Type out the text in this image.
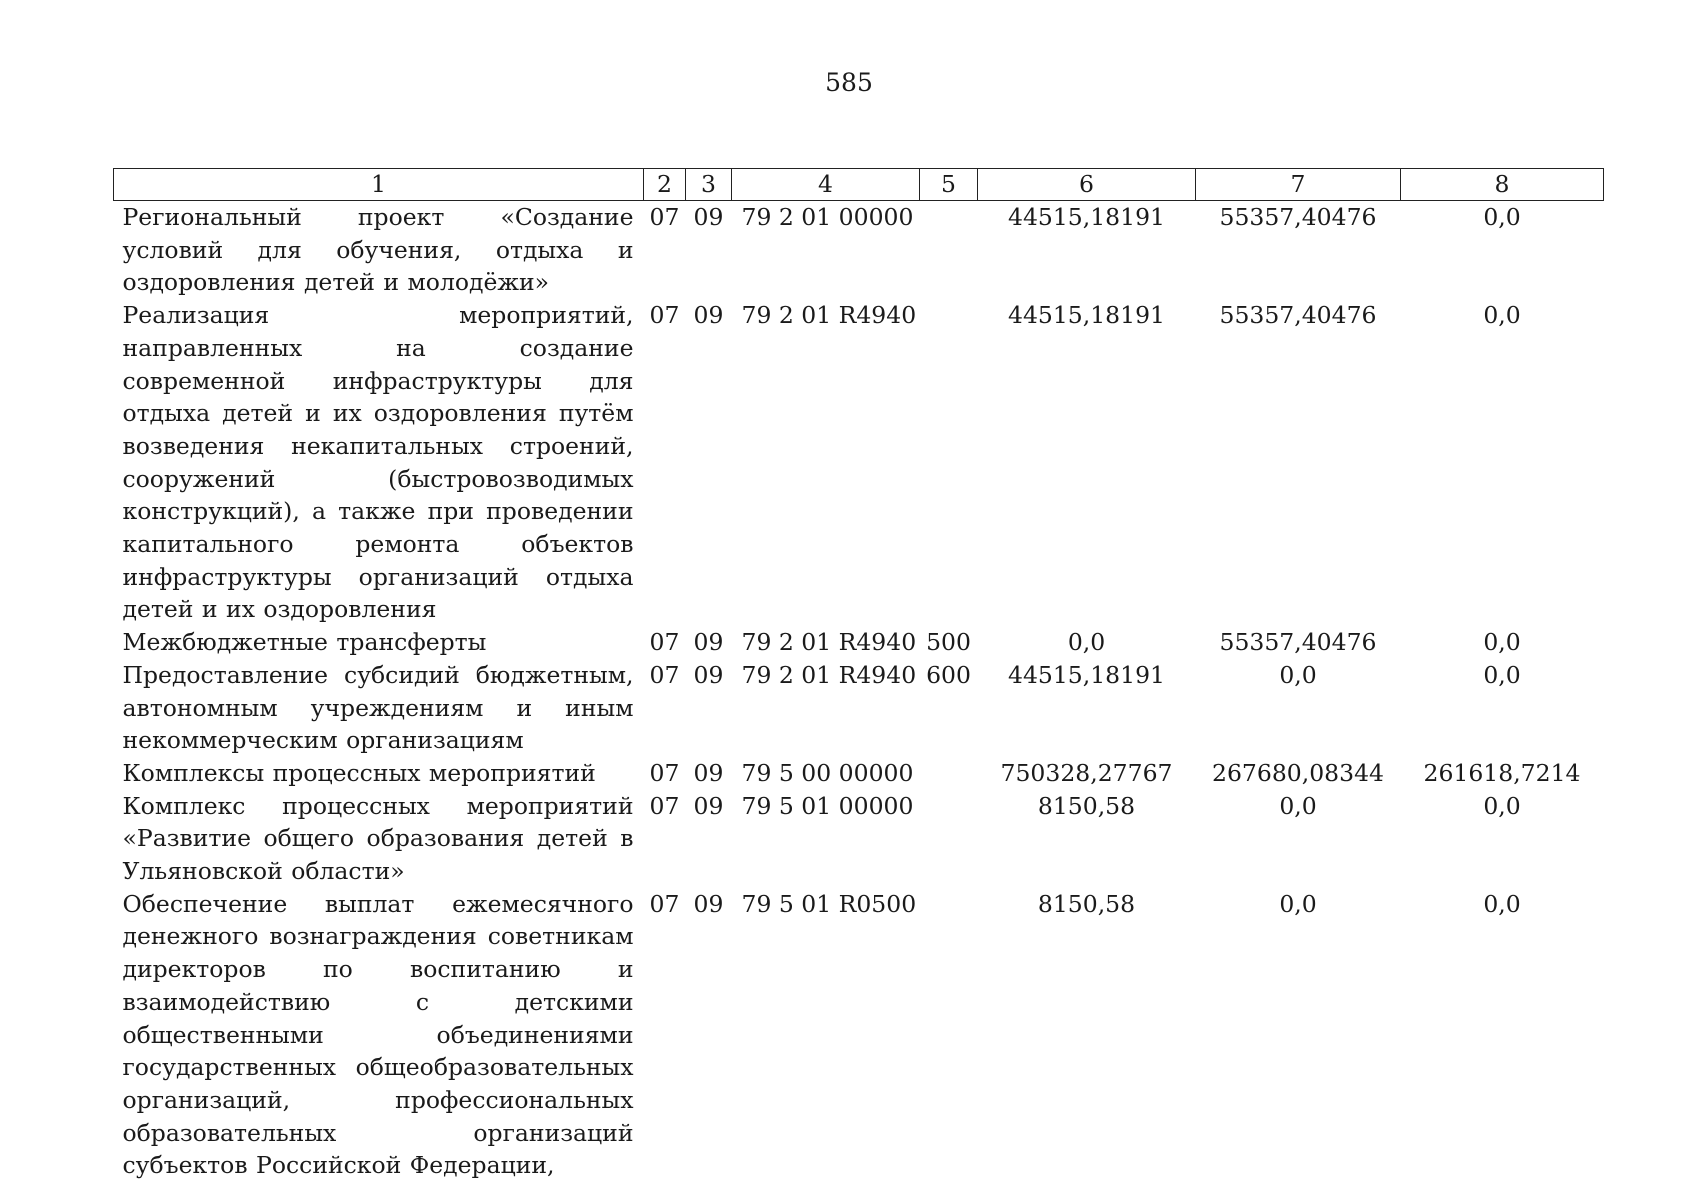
585
1	2	3	4	5	6	7	8
Региональный проект «Создание условий для обучения, отдыха и оздоровления детей и молодёжи»	07	09	79 2 01 00000		44515,18191	55357,40476	0,0
Реализация мероприятий, направленных на создание современной инфраструктуры для отдыха детей и их оздоровления путём возведения некапитальных строений, сооружений (быстровозводимых конструкций), а также при проведении капитального ремонта объектов инфраструктуры организаций отдыха детей и их оздоровления	07	09	79 2 01 R4940		44515,18191	55357,40476	0,0
Межбюджетные трансферты	07	09	79 2 01 R4940	500	0,0	55357,40476	0,0
Предоставление субсидий бюджетным, автономным учреждениям и иным некоммерческим организациям	07	09	79 2 01 R4940	600	44515,18191	0,0	0,0
Комплексы процессных мероприятий	07	09	79 5 00 00000		750328,27767	267680,08344	261618,7214
Комплекс процессных мероприятий «Развитие общего образования детей в Ульяновской области»	07	09	79 5 01 00000		8150,58	0,0	0,0
Обеспечение выплат ежемесячного денежного вознаграждения советникам директоров по воспитанию и взаимодействию с детскими общественными объединениями государственных общеобразовательных организаций, профессиональных образовательных организаций субъектов Российской Федерации,	07	09	79 5 01 R0500		8150,58	0,0	0,0
